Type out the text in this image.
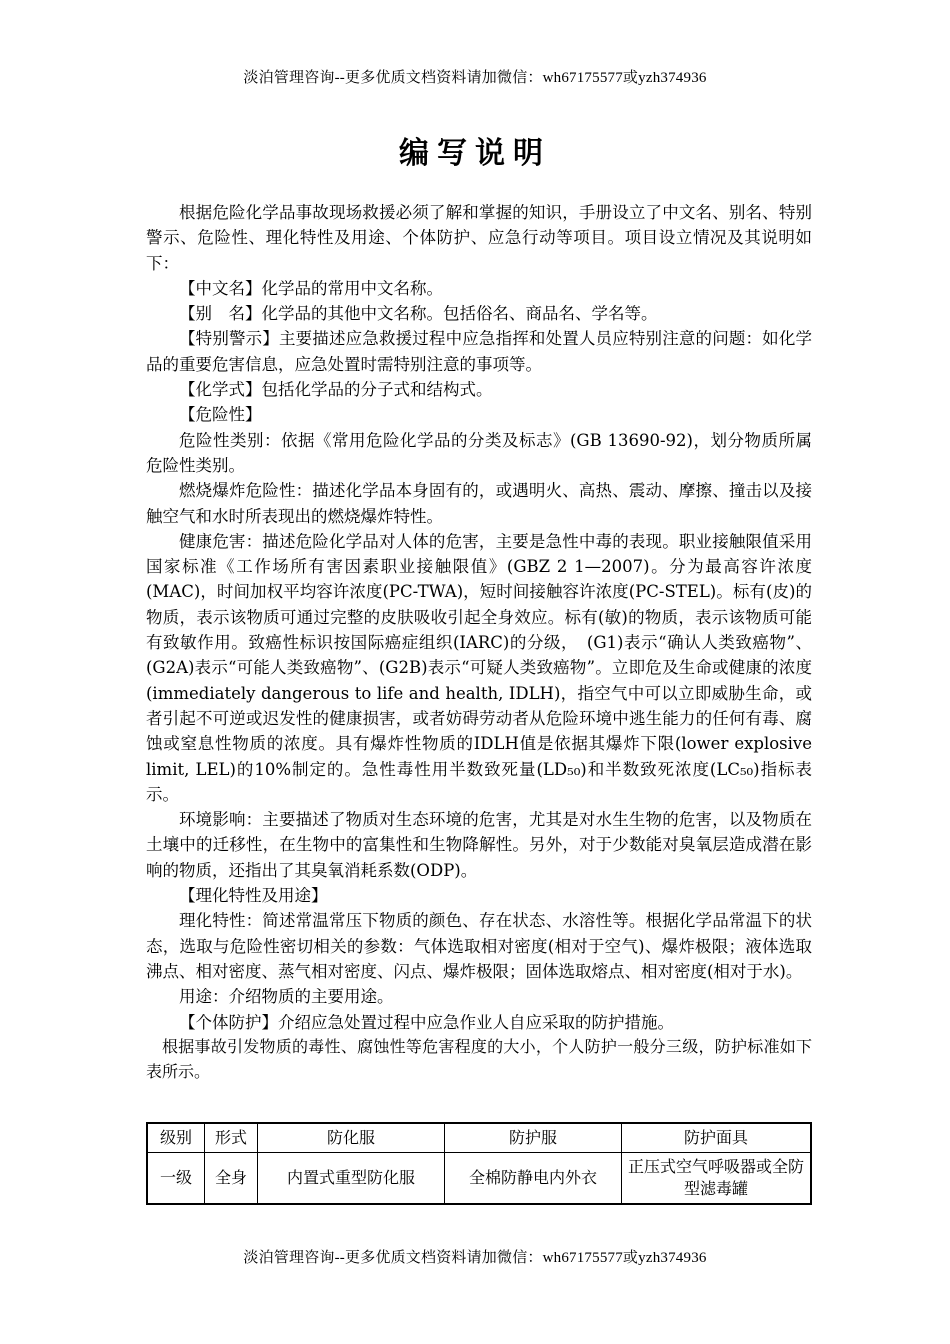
淡泊管理咨询--更多优质文档资料请加微信：wh67175577或yzh374936
编写说明

根据危险化学品事故现场救援必须了解和掌握的知识，手册设立了中文名、别名、特别警示、危险性、理化特性及用途、个体防护、应急行动等项目。项目设立情况及其说明如下：

【中文名】化学品的常用中文名称。

【别　名】化学品的其他中文名称。包括俗名、商品名、学名等。

【特别警示】主要描述应急救援过程中应急指挥和处置人员应特别注意的问题：如化学品的重要危害信息，应急处置时需特别注意的事项等。

【化学式】包括化学品的分子式和结构式。

【危险性】

危险性类别：依据《常用危险化学品的分类及标志》(GB 13690-92)，划分物质所属危险性类别。

燃烧爆炸危险性：描述化学品本身固有的，或遇明火、高热、震动、摩擦、撞击以及接触空气和水时所表现出的燃烧爆炸特性。

健康危害：描述危险化学品对人体的危害，主要是急性中毒的表现。职业接触限值采用国家标准《工作场所有害因素职业接触限值》(GBZ 2 1—2007)。分为最高容许浓度(MAC)，时间加权平均容许浓度(PC-TWA)，短时间接触容许浓度(PC-STEL)。标有(皮)的物质，表示该物质可通过完整的皮肤吸收引起全身效应。标有(敏)的物质，表示该物质可能有致敏作用。致癌性标识按国际癌症组织(IARC)的分级，　(G1)表示“确认人类致癌物”、(G2A)表示“可能人类致癌物”、(G2B)表示“可疑人类致癌物”。立即危及生命或健康的浓度(immediately dangerous to life and health, IDLH)，指空气中可以立即威胁生命，或者引起不可逆或迟发性的健康损害，或者妨碍劳动者从危险环境中逃生能力的任何有毒、腐蚀或窒息性物质的浓度。具有爆炸性物质的IDLH值是依据其爆炸下限(lower explosive limit, LEL)的10%制定的。急性毒性用半数致死量(LD₅₀)和半数致死浓度(LC₅₀)指标表示。

环境影响：主要描述了物质对生态环境的危害，尤其是对水生生物的危害，以及物质在土壤中的迁移性，在生物中的富集性和生物降解性。另外，对于少数能对臭氧层造成潜在影响的物质，还指出了其臭氧消耗系数(ODP)。

【理化特性及用途】

理化特性：简述常温常压下物质的颜色、存在状态、水溶性等。根据化学品常温下的状态，选取与危险性密切相关的参数：气体选取相对密度(相对于空气)、爆炸极限；液体选取沸点、相对密度、蒸气相对密度、闪点、爆炸极限；固体选取熔点、相对密度(相对于水)。

用途：介绍物质的主要用途。

【个体防护】介绍应急处置过程中应急作业人自应采取的防护措施。

根据事故引发物质的毒性、腐蚀性等危害程度的大小，个人防护一般分三级，防护标准如下表所示。

级别	形式	防化服	防护服	防护面具
一级	全身	内置式重型防化服	全棉防静电内外衣	正压式空气呼吸器或全防型滤毒罐
淡泊管理咨询--更多优质文档资料请加微信：wh67175577或yzh374936
